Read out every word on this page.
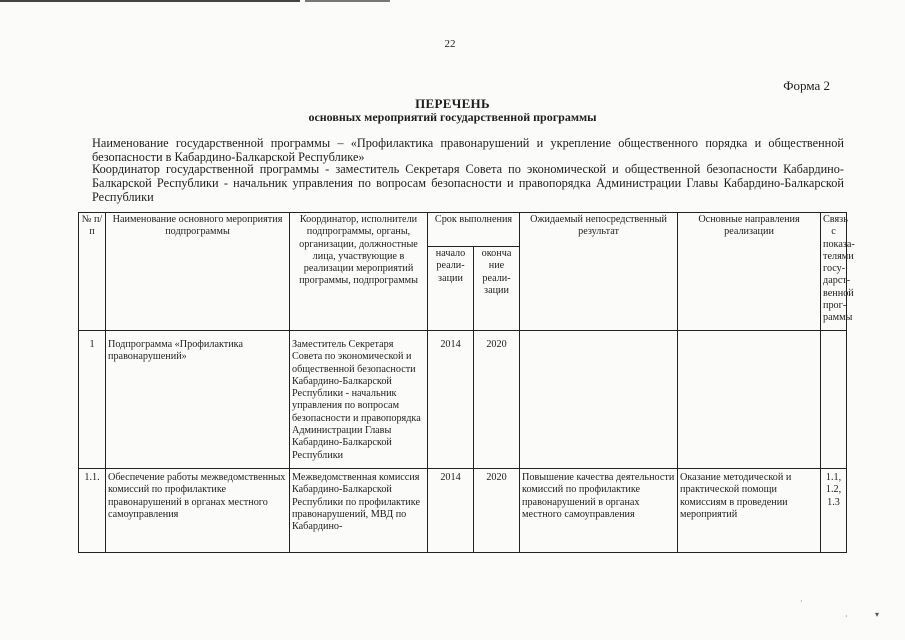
22
Форма 2
ПЕРЕЧЕНЬ
основных мероприятий государственной программы
Наименование государственной программы – «Профилактика правонарушений и укрепление общественного порядка и общественной безопасности в Кабардино-Балкарской Республике»
Координатор государственной программы - заместитель Секретаря Совета по экономической и общественной безопасности Кабардино-Балкарской Республики - начальник управления по вопросам безопасности и правопорядка Администрации Главы Кабардино-Балкарской Республики
№ п/п	Наименование основного мероприятия подпрограммы	Координатор, исполнители подпрограммы, органы, организации, должностные лица, участвующие в реализации мероприятий программы, подпрограммы	Срок выполнения		Ожидаемый непосредственный результат	Основные направления реализации	Связь с показа-телями госу-дарст-венной прог-раммы
			начало реали-зации	оконча ние реали-зации			
1	Подпрограмма «Профилактика правонарушений»	Заместитель Секретаря Совета по экономической и общественной безопасности Кабардино-Балкарской Республики - начальник управления по вопросам безопасности и правопорядка Администрации Главы Кабардино-Балкарской Республики	2014	2020			
1.1.	Обеспечение работы межведомственных комиссий по профилактике правонарушений в органах местного самоуправления	Межведомственная комиссия Кабардино-Балкарской Республики по профилактике правонарушений, МВД по Кабардино-	2014	2020	Повышение качества деятельности комиссий по профилактике правонарушений в органах местного самоуправления	Оказание методической и практической помощи комиссиям в проведении мероприятий	1.1, 1.2, 1.3
·
·	▾
